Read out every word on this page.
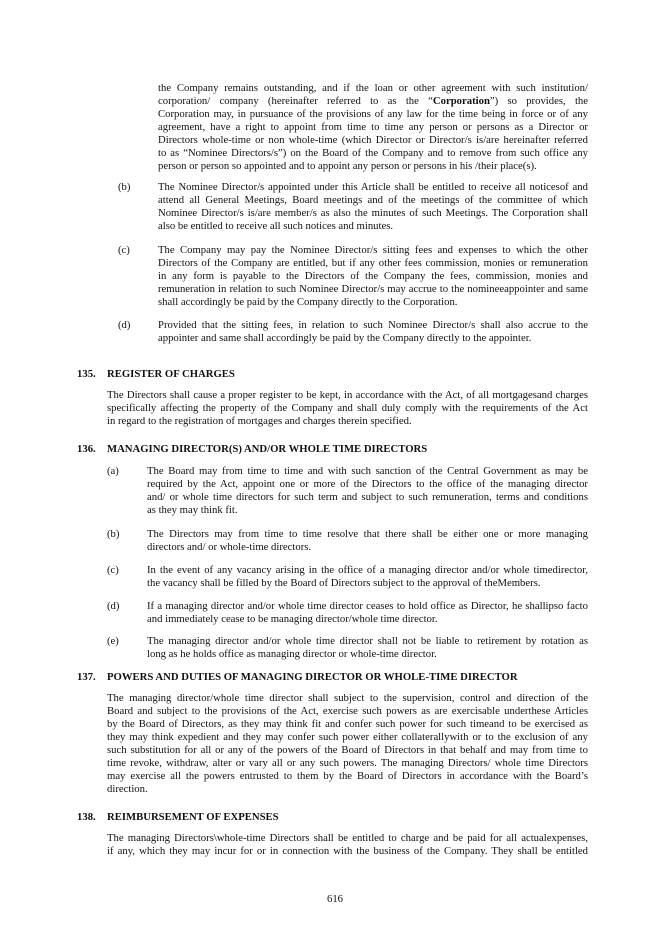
the Company remains outstanding, and if the loan or other agreement with such institution/
corporation/ company (hereinafter referred to as the “Corporation”) so provides, the
Corporation may, in pursuance of the provisions of any law for the time being in force or of any
agreement, have a right to appoint from time to time any person or persons as a Director or
Directors whole-time or non whole-time (which Director or Director/s is/are hereinafter referred
to as “Nominee Directors/s”) on the Board of the Company and to remove from such office any
person or person so appointed and to appoint any person or persons in his /their place(s).
(b)	The Nominee Director/s appointed under this Article shall be entitled to receive all noticesof and
attend all General Meetings, Board meetings and of the meetings of the committee of which
Nominee Director/s is/are member/s as also the minutes of such Meetings. The Corporation shall
also be entitled to receive all such notices and minutes.
(c)	The Company may pay the Nominee Director/s sitting fees and expenses to which the other
Directors of the Company are entitled, but if any other fees commission, monies or remuneration
in any form is payable to the Directors of the Company the fees, commission, monies and
remuneration in relation to such Nominee Director/s may accrue to the nomineeappointer and same
shall accordingly be paid by the Company directly to the Corporation.
(d)	Provided that the sitting fees, in relation to such Nominee Director/s shall also accrue to the
appointer and same shall accordingly be paid by the Company directly to the appointer.
135. REGISTER OF CHARGES
The Directors shall cause a proper register to be kept, in accordance with the Act, of all mortgagesand charges
specifically affecting the property of the Company and shall duly comply with the requirements of the Act
in regard to the registration of mortgages and charges therein specified.
136. MANAGING DIRECTOR(S) AND/OR WHOLE TIME DIRECTORS
(a)	The Board may from time to time and with such sanction of the Central Government as may be
required by the Act, appoint one or more of the Directors to the office of the managing director
and/ or whole time directors for such term and subject to such remuneration, terms and conditions
as they may think fit.
(b)	The Directors may from time to time resolve that there shall be either one or more managing
directors and/ or whole-time directors.
(c)	In the event of any vacancy arising in the office of a managing director and/or whole timedirector,
the vacancy shall be filled by the Board of Directors subject to the approval of theMembers.
(d)	If a managing director and/or whole time director ceases to hold office as Director, he shallipso facto
and immediately cease to be managing director/whole time director.
(e)	The managing director and/or whole time director shall not be liable to retirement by rotation as
long as he holds office as managing director or whole-time director.
137. POWERS AND DUTIES OF MANAGING DIRECTOR OR WHOLE-TIME DIRECTOR
The managing director/whole time director shall subject to the supervision, control and direction of the
Board and subject to the provisions of the Act, exercise such powers as are exercisable underthese Articles
by the Board of Directors, as they may think fit and confer such power for such timeand to be exercised as
they may think expedient and they may confer such power either collaterallywith or to the exclusion of any
such substitution for all or any of the powers of the Board of Directors in that behalf and may from time to
time revoke, withdraw, alter or vary all or any such powers. The managing Directors/ whole time Directors
may exercise all the powers entrusted to them by the Board of Directors in accordance with the Board’s
direction.
138. REIMBURSEMENT OF EXPENSES
The managing Directors\whole-time Directors shall be entitled to charge and be paid for all actualexpenses,
if any, which they may incur for or in connection with the business of the Company. They shall be entitled
616
